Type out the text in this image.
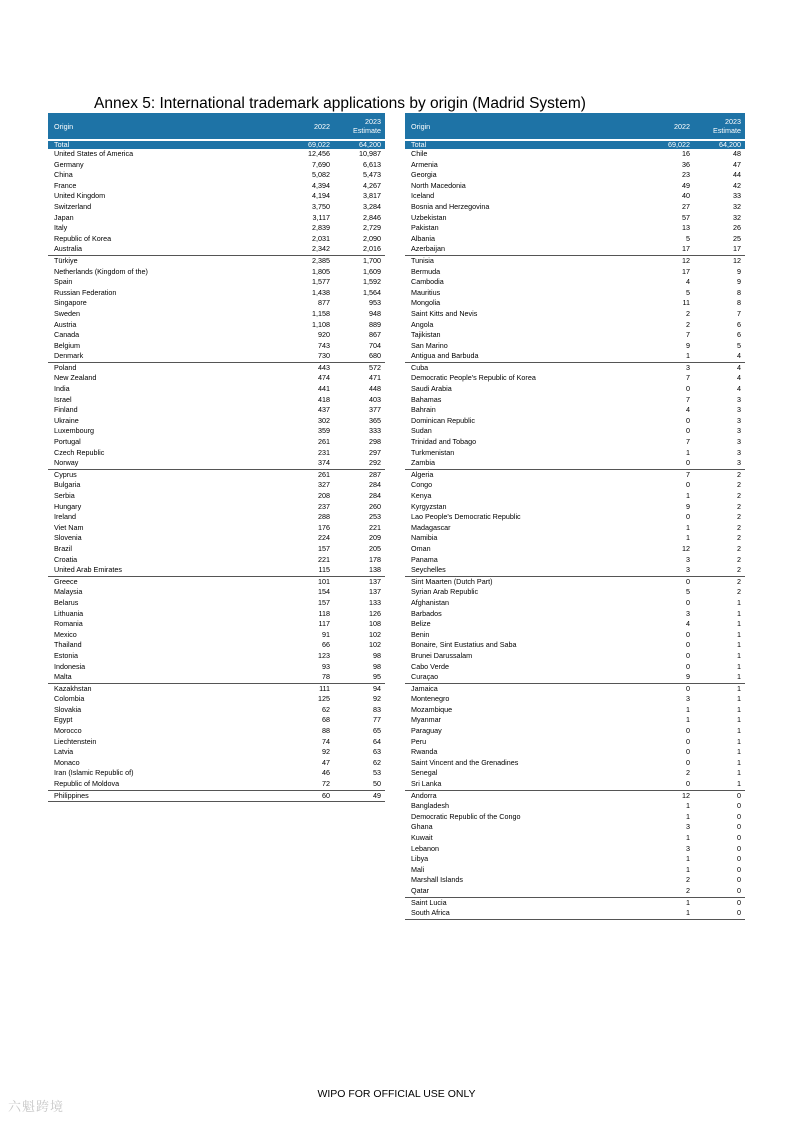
Annex 5: International trademark applications by origin (Madrid System)
Origin	2022	2023
Estimate

Total	69,022	64,200
United States of America	12,456	10,987
Germany	7,690	6,613
China	5,082	5,473
France	4,394	4,267
United Kingdom	4,194	3,817
Switzerland	3,750	3,284
Japan	3,117	2,846
Italy	2,839	2,729
Republic of Korea	2,031	2,090
Australia	2,342	2,016
Türkiye	2,385	1,700
Netherlands (Kingdom of the)	1,805	1,609
Spain	1,577	1,592
Russian Federation	1,438	1,564
Singapore	877	953
Sweden	1,158	948
Austria	1,108	889
Canada	920	867
Belgium	743	704
Denmark	730	680
Poland	443	572
New Zealand	474	471
India	441	448
Israel	418	403
Finland	437	377
Ukraine	302	365
Luxembourg	359	333
Portugal	261	298
Czech Republic	231	297
Norway	374	292
Cyprus	261	287
Bulgaria	327	284
Serbia	208	284
Hungary	237	260
Ireland	288	253
Viet Nam	176	221
Slovenia	224	209
Brazil	157	205
Croatia	221	178
United Arab Emirates	115	138
Greece	101	137
Malaysia	154	137
Belarus	157	133
Lithuania	118	126
Romania	117	108
Mexico	91	102
Thailand	66	102
Estonia	123	98
Indonesia	93	98
Malta	78	95
Kazakhstan	111	94
Colombia	125	92
Slovakia	62	83
Egypt	68	77
Morocco	88	65
Liechtenstein	74	64
Latvia	92	63
Monaco	47	62
Iran (Islamic Republic of)	46	53
Republic of Moldova	72	50
Philippines	60	49
Origin	2022	2023
Estimate

Total	69,022	64,200
Chile	16	48
Armenia	36	47
Georgia	23	44
North Macedonia	49	42
Iceland	40	33
Bosnia and Herzegovina	27	32
Uzbekistan	57	32
Pakistan	13	26
Albania	5	25
Azerbaijan	17	17
Tunisia	12	12
Bermuda	17	9
Cambodia	4	9
Mauritius	5	8
Mongolia	11	8
Saint Kitts and Nevis	2	7
Angola	2	6
Tajikistan	7	6
San Marino	9	5
Antigua and Barbuda	1	4
Cuba	3	4
Democratic People's Republic of Korea	7	4
Saudi Arabia	0	4
Bahamas	7	3
Bahrain	4	3
Dominican Republic	0	3
Sudan	0	3
Trinidad and Tobago	7	3
Turkmenistan	1	3
Zambia	0	3
Algeria	7	2
Congo	0	2
Kenya	1	2
Kyrgyzstan	9	2
Lao People's Democratic Republic	0	2
Madagascar	1	2
Namibia	1	2
Oman	12	2
Panama	3	2
Seychelles	3	2
Sint Maarten (Dutch Part)	0	2
Syrian Arab Republic	5	2
Afghanistan	0	1
Barbados	3	1
Belize	4	1
Benin	0	1
Bonaire, Sint Eustatius and Saba	0	1
Brunei Darussalam	0	1
Cabo Verde	0	1
Curaçao	9	1
Jamaica	0	1
Montenegro	3	1
Mozambique	1	1
Myanmar	1	1
Paraguay	0	1
Peru	0	1
Rwanda	0	1
Saint Vincent and the Grenadines	0	1
Senegal	2	1
Sri Lanka	0	1
Andorra	12	0
Bangladesh	1	0
Democratic Republic of the Congo	1	0
Ghana	3	0
Kuwait	1	0
Lebanon	3	0
Libya	1	0
Mali	1	0
Marshall Islands	2	0
Qatar	2	0
Saint Lucia	1	0
South Africa	1	0
WIPO FOR OFFICIAL USE ONLY
六魁跨境
